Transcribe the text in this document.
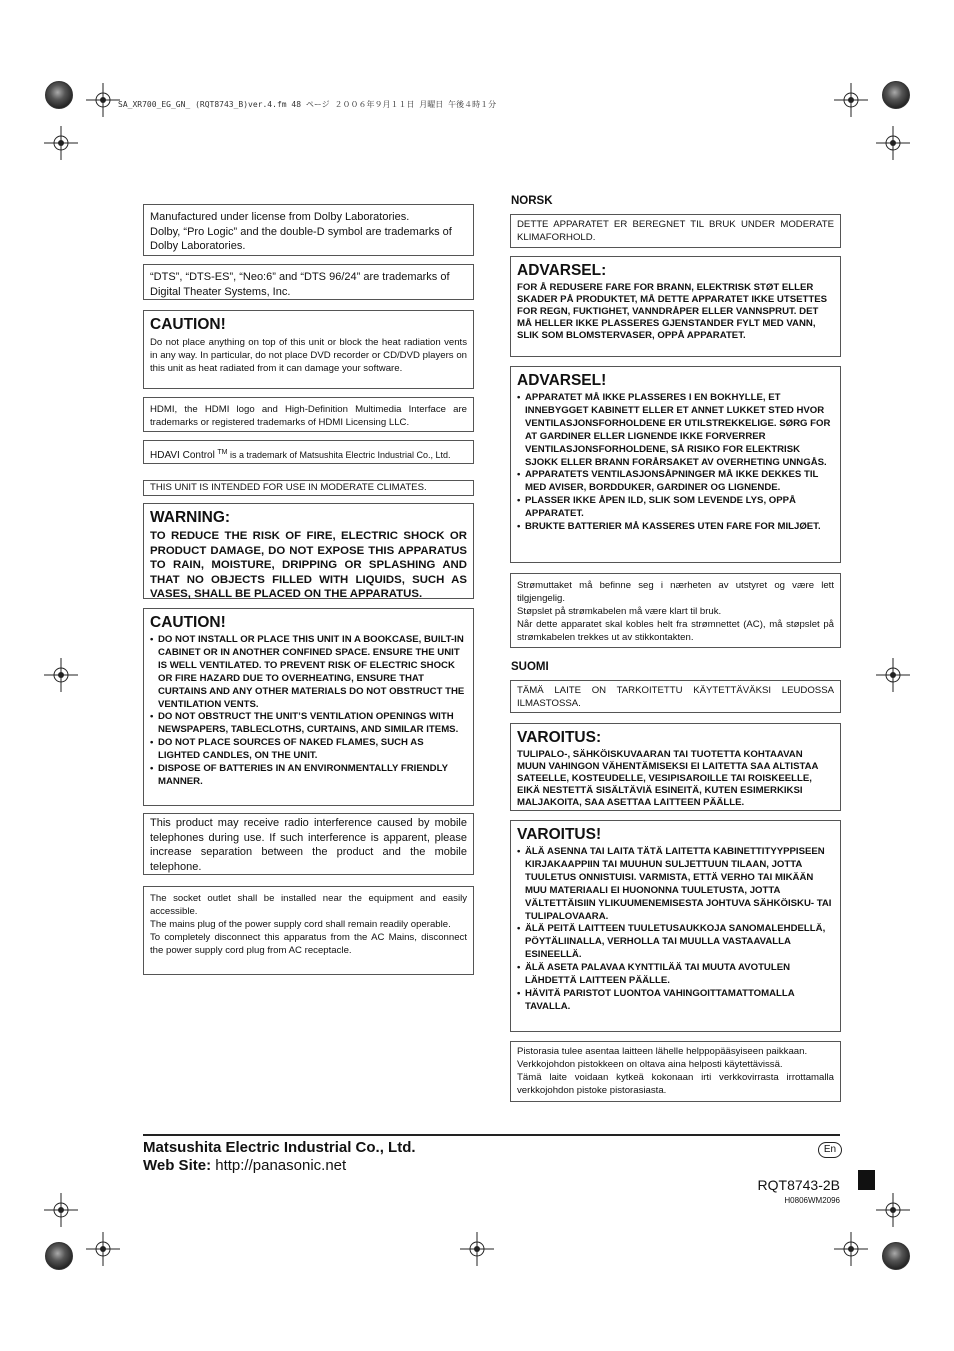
SA_XR700_EG_GN_ (RQT8743_B)ver.4.fm 48 ページ ２００６年９月１１日 月曜日 午後４時１分
Manufactured under license from Dolby Laboratories.
Dolby, “Pro Logic” and the double-D symbol are trademarks of Dolby Laboratories.
“DTS”, “DTS-ES”, “Neo:6” and “DTS 96/24” are trademarks of Digital Theater Systems, Inc.
CAUTION!
Do not place anything on top of this unit or block the heat radiation vents in any way. In particular, do not place DVD recorder or CD/DVD players on this unit as heat radiated from it can damage your software.
HDMI, the HDMI logo and High-Definition Multimedia Interface are trademarks or registered trademarks of HDMI Licensing LLC.
HDAVI Control ™ is a trademark of Matsushita Electric Industrial Co., Ltd.
THIS UNIT IS INTENDED FOR USE IN MODERATE CLIMATES.
WARNING:
TO REDUCE THE RISK OF FIRE, ELECTRIC SHOCK OR PRODUCT DAMAGE, DO NOT EXPOSE THIS APPARATUS TO RAIN, MOISTURE, DRIPPING OR SPLASHING AND THAT NO OBJECTS FILLED WITH LIQUIDS, SUCH AS VASES, SHALL BE PLACED ON THE APPARATUS.
CAUTION!
• DO NOT INSTALL OR PLACE THIS UNIT IN A BOOKCASE, BUILT-IN CABINET OR IN ANOTHER CONFINED SPACE. ENSURE THE UNIT IS WELL VENTILATED. TO PREVENT RISK OF ELECTRIC SHOCK OR FIRE HAZARD DUE TO OVERHEATING, ENSURE THAT CURTAINS AND ANY OTHER MATERIALS DO NOT OBSTRUCT THE VENTILATION VENTS.
• DO NOT OBSTRUCT THE UNIT’S VENTILATION OPENINGS WITH NEWSPAPERS, TABLECLOTHS, CURTAINS, AND SIMILAR ITEMS.
• DO NOT PLACE SOURCES OF NAKED FLAMES, SUCH AS LIGHTED CANDLES, ON THE UNIT.
• DISPOSE OF BATTERIES IN AN ENVIRONMENTALLY FRIENDLY MANNER.
This product may receive radio interference caused by mobile telephones during use. If such interference is apparent, please increase separation between the product and the mobile telephone.
The socket outlet shall be installed near the equipment and easily accessible.
The mains plug of the power supply cord shall remain readily operable.
To completely disconnect this apparatus from the AC Mains, disconnect the power supply cord plug from AC receptacle.
NORSK
DETTE APPARATET ER BEREGNET TIL BRUK UNDER MODERATE KLIMAFORHOLD.
ADVARSEL:
FOR Å REDUSERE FARE FOR BRANN, ELEKTRISK STØT ELLER SKADER PÅ PRODUKTET, MÅ DETTE APPARATET IKKE UTSETTES FOR REGN, FUKTIGHET, VANNDRÅPER ELLER VANNSPRUT. DET MÅ HELLER IKKE PLASSERES GJENSTANDER FYLT MED VANN, SLIK SOM BLOMSTERVASER, OPPÅ APPARATET.
ADVARSEL!
• APPARATET MÅ IKKE PLASSERES I EN BOKHYLLE, ET INNEBYGGET KABINETT ELLER ET ANNET LUKKET STED HVOR VENTILASJONSFORHOLDENE ER UTILSTREKKELIGE. SØRG FOR AT GARDINER ELLER LIGNENDE IKKE FORVERRER VENTILASJONSFORHOLDENE, SÅ RISIKO FOR ELEKTRISK SJOKK ELLER BRANN FORÅRSAKET AV OVERHETING UNNGÅS.
• APPARATETS VENTILASJONSÅPNINGER MÅ IKKE DEKKES TIL MED AVISER, BORDDUKER, GARDINER OG LIGNENDE.
• PLASSER IKKE ÅPEN ILD, SLIK SOM LEVENDE LYS, OPPÅ APPARATET.
• BRUKTE BATTERIER MÅ KASSERES UTEN FARE FOR MILJØET.
Strømuttaket må befinne seg i nærheten av utstyret og være lett tilgjengelig.
Støpslet på strømkabelen må være klart til bruk.
Når dette apparatet skal kobles helt fra strømnettet (AC), må støpslet på strømkabelen trekkes ut av stikkontakten.
SUOMI
TÄMÄ LAITE ON TARKOITETTU KÄYTETTÄVÄKSI LEUDOSSA ILMASTOSSA.
VAROITUS:
TULIPALO-, SÄHKÖISKUVAARAN TAI TUOTETTA KOHTAAVAN MUUN VAHINGON VÄHENTÄMISEKSI EI LAITETTA SAA ALTISTAA SATEELLE, KOSTEUDELLE, VESIPISAROILLE TAI ROISKEELLE, EIKÄ NESTETTÄ SISÄLTÄVIÄ ESINEITÄ, KUTEN ESIMERKIKSI MALJAKOITA, SAA ASETTAA LAITTEEN PÄÄLLE.
VAROITUS!
• ÄLÄ ASENNA TAI LAITA TÄTÄ LAITETTA KABINETTITYYPPISEEN KIRJAKAAPPIIN TAI MUUHUN SULJETTUUN TILAAN, JOTTA TUULETUS ONNISTUISI. VARMISTA, ETTÄ VERHO TAI MIKÄÄN MUU MATERIAALI EI HUONONNA TUULETUSTA, JOTTA VÄLTETTÄISIIN YLIKUUMENEMISESTA JOHTUVA SÄHKÖISKU- TAI TULIPALOVAARA.
• ÄLÄ PEITÄ LAITTEEN TUULETUSAUKKOJA SANOMALEHDELLÄ, PÖYTÄLIINALLA, VERHOLLA TAI MUULLA VASTAAVALLA ESINEELLÄ.
• ÄLÄ ASETA PALAVAA KYNTTILÄÄ TAI MUUTA AVOTULEN LÄHDETTÄ LAITTEEN PÄÄLLE.
• HÄVITÄ PARISTOT LUONTOA VAHINGOITTAMATTOMALLA TAVALLA.
Pistorasia tulee asentaa laitteen lähelle helppopääsyiseen paikkaan.
Verkkojohdon pistokkeen on oltava aina helposti käytettävissä.
Tämä laite voidaan kytkeä kokonaan irti verkkovirrasta irrottamalla verkkojohdon pistoke pistorasiasta.
Matsushita Electric Industrial Co., Ltd.
Web Site: http://panasonic.net
En
RQT8743-2B
H0806WM2096
